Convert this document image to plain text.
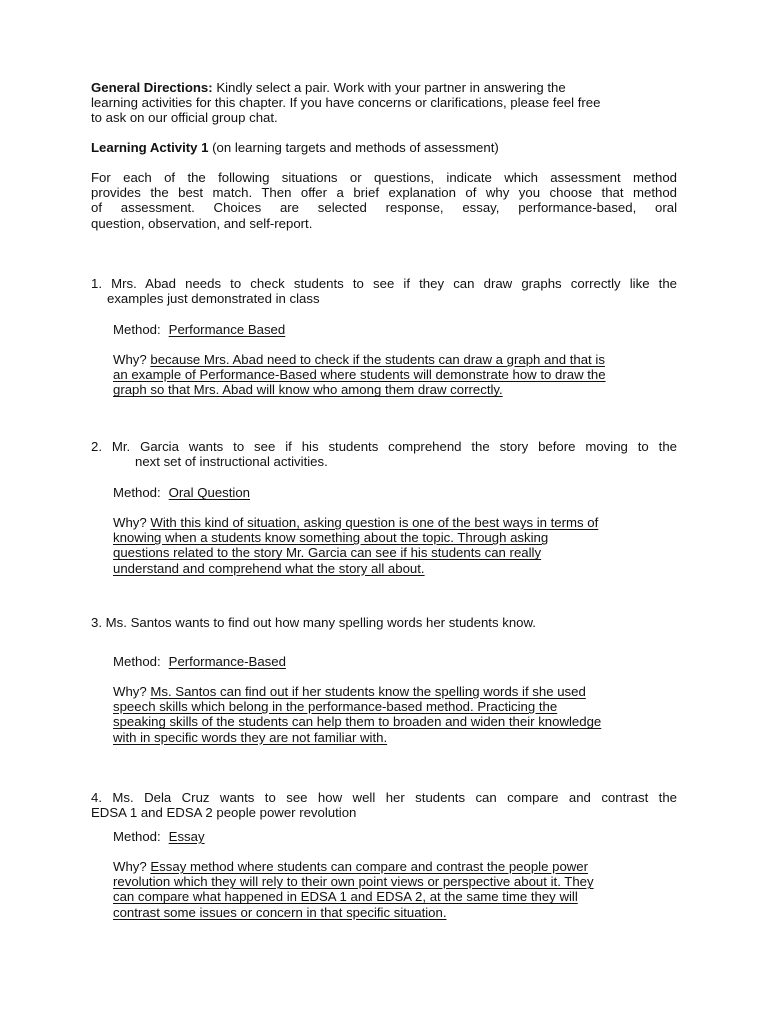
General Directions: Kindly select a pair. Work with your partner in answering the
learning activities for this chapter. If you have concerns or clarifications, please feel free
to ask on our official group chat.
Learning Activity 1 (on learning targets and methods of assessment)
For each of the following situations or questions, indicate which assessment method
provides the best match. Then offer a brief explanation of why you choose that method
of assessment. Choices are selected response, essay, performance-based, oral
question, observation, and self-report.
1. Mrs. Abad needs to check students to see if they can draw graphs correctly like the
examples just demonstrated in class
Method: Performance Based
Why? because Mrs. Abad need to check if the students can draw a graph and that is
an example of Performance-Based where students will demonstrate how to draw the
graph so that Mrs. Abad will know who among them draw correctly.
2. Mr. Garcia wants to see if his students comprehend the story before moving to the
next set of instructional activities.
Method: Oral Question
Why? With this kind of situation, asking question is one of the best ways in terms of
knowing when a students know something about the topic. Through asking
questions related to the story Mr. Garcia can see if his students can really
understand and comprehend what the story all about.
3. Ms. Santos wants to find out how many spelling words her students know.
Method: Performance-Based
Why? Ms. Santos can find out if her students know the spelling words if she used
speech skills which belong in the performance-based method. Practicing the
speaking skills of the students can help them to broaden and widen their knowledge
with in specific words they are not familiar with.
4. Ms. Dela Cruz wants to see how well her students can compare and contrast the
EDSA 1 and EDSA 2 people power revolution
Method: Essay
Why? Essay method where students can compare and contrast the people power
revolution which they will rely to their own point views or perspective about it. They
can compare what happened in EDSA 1 and EDSA 2, at the same time they will
contrast some issues or concern in that specific situation.
